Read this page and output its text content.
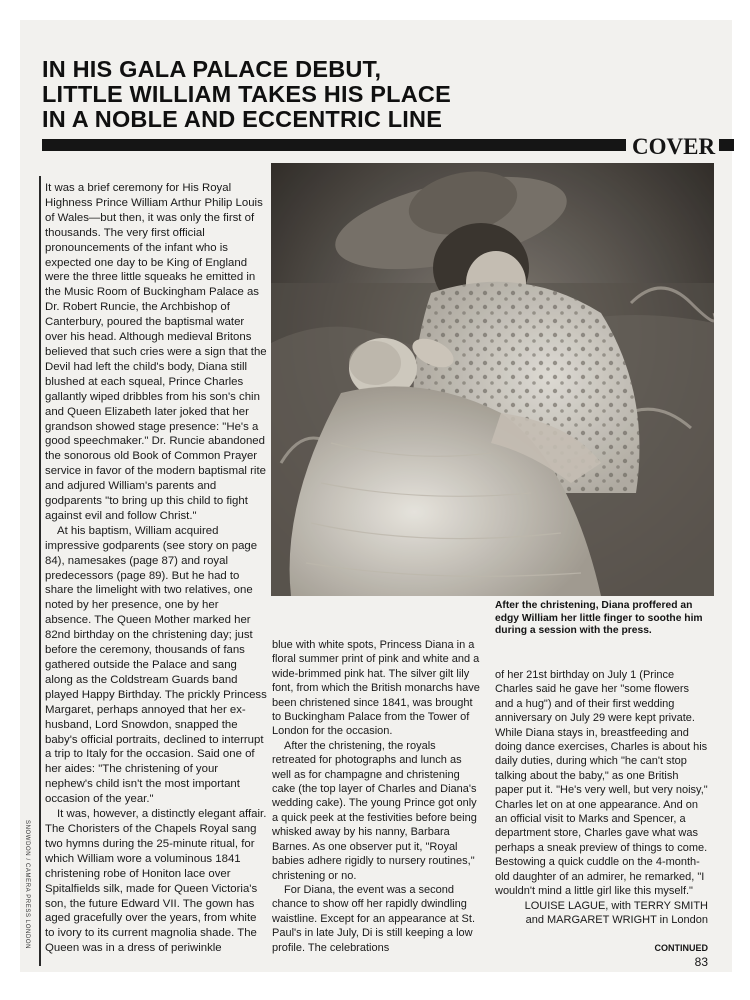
IN HIS GALA PALACE DEBUT,
LITTLE WILLIAM TAKES HIS PLACE
IN A NOBLE AND ECCENTRIC LINE
COVER

It was a brief ceremony for His Royal Highness Prince William Arthur Philip Louis of Wales—but then, it was only the first of thousands. The very first official pronouncements of the infant who is expected one day to be King of England were the three little squeaks he emitted in the Music Room of Buckingham Palace as Dr. Robert Runcie, the Archbishop of Canterbury, poured the baptismal water over his head. Although medieval Britons believed that such cries were a sign that the Devil had left the child's body, Diana still blushed at each squeal, Prince Charles gallantly wiped dribbles from his son's chin and Queen Elizabeth later joked that her grandson showed stage presence: "He's a good speechmaker." Dr. Runcie abandoned the sonorous old Book of Common Prayer service in favor of the modern baptismal rite and adjured William's parents and godparents "to bring up this child to fight against evil and follow Christ."

At his baptism, William acquired impressive godparents (see story on page 84), namesakes (page 87) and royal predecessors (page 89). But he had to share the limelight with two relatives, one noted by her presence, one by her absence. The Queen Mother marked her 82nd birthday on the christening day; just before the ceremony, thousands of fans gathered outside the Palace and sang along as the Coldstream Guards band played Happy Birthday. The prickly Princess Margaret, perhaps annoyed that her ex-husband, Lord Snowdon, snapped the baby's official portraits, declined to interrupt a trip to Italy for the occasion. Said one of her aides: "The christening of your nephew's child isn't the most important occasion of the year."

It was, however, a distinctly elegant affair. The Choristers of the Chapels Royal sang two hymns during the 25-minute ritual, for which William wore a voluminous 1841 christening robe of Honiton lace over Spitalfields silk, made for Queen Victoria's son, the future Edward VII. The gown has aged gracefully over the years, from white to ivory to its current magnolia shade. The Queen was in a dress of periwinkle

After the christening, Diana proffered an edgy William her little finger to soothe him during a session with the press.

blue with white spots, Princess Diana in a floral summer print of pink and white and a wide-brimmed pink hat. The silver gilt lily font, from which the British monarchs have been christened since 1841, was brought to Buckingham Palace from the Tower of London for the occasion.

After the christening, the royals retreated for photographs and lunch as well as for champagne and christening cake (the top layer of Charles and Diana's wedding cake). The young Prince got only a quick peek at the festivities before being whisked away by his nanny, Barbara Barnes. As one observer put it, "Royal babies adhere rigidly to nursery routines," christening or no.

For Diana, the event was a second chance to show off her rapidly dwindling waistline. Except for an appearance at St. Paul's in late July, Di is still keeping a low profile. The celebrations

of her 21st birthday on July 1 (Prince Charles said he gave her "some flowers and a hug") and of their first wedding anniversary on July 29 were kept private. While Diana stays in, breastfeeding and doing dance exercises, Charles is about his daily duties, during which "he can't stop talking about the baby," as one British paper put it. "He's very well, but very noisy," Charles let on at one appearance. And on an official visit to Marks and Spencer, a department store, Charles gave what was perhaps a sneak preview of things to come. Bestowing a quick cuddle on the 4-month-old daughter of an admirer, he remarked, "I wouldn't mind a little girl like this myself."

LOUISE LAGUE, with TERRY SMITH

and MARGARET WRIGHT in London

SNOWDON / CAMERA PRESS LONDON	CONTINUED
83
